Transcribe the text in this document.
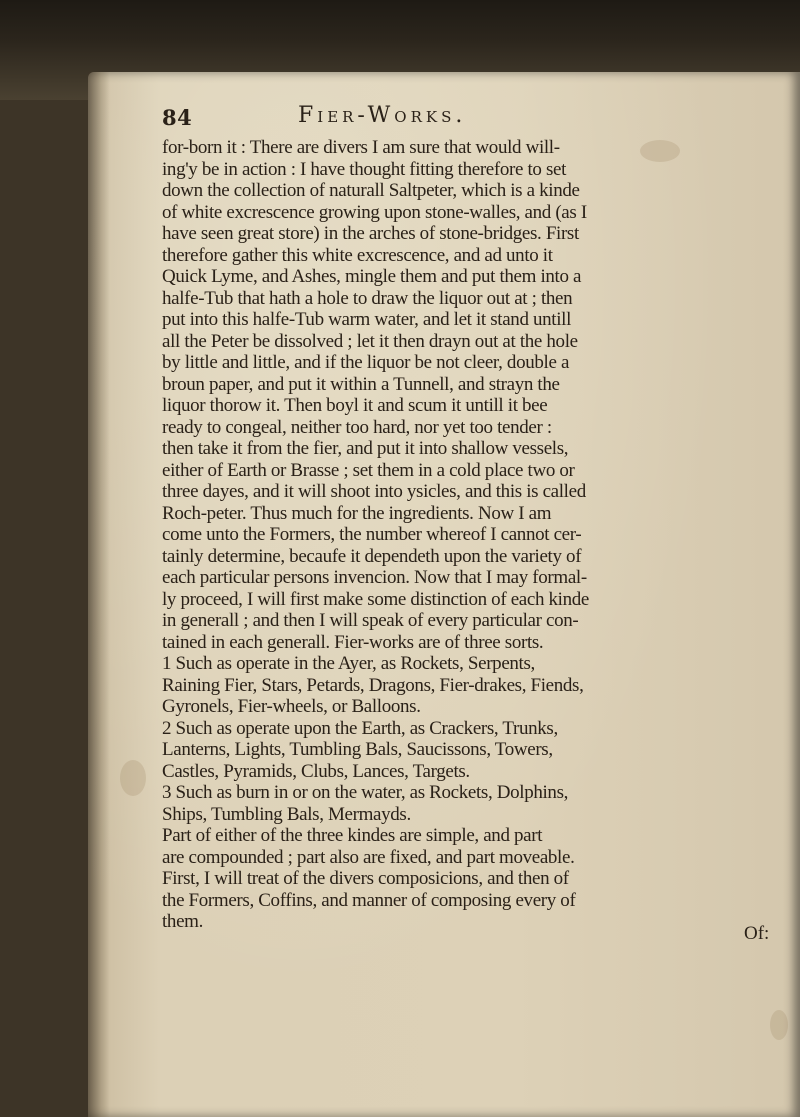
84	Fier-Works.

for-born it : There are divers I am sure that would will-
ing'y be in action : I have thought fitting therefore to set
down the collection of naturall Saltpeter, which is a kinde
of white excrescence growing upon stone-walles, and (as I
have seen great store) in the arches of stone-bridges. First
therefore gather this white excrescence, and ad unto it
Quick Lyme, and Ashes, mingle them and put them into a
halfe-Tub that hath a hole to draw the liquor out at ; then
put into this halfe-Tub warm water, and let it stand untill
all the Peter be dissolved ; let it then drayn out at the hole
by little and little, and if the liquor be not cleer, double a
broun paper, and put it within a Tunnell, and strayn the
liquor thorow it. Then boyl it and scum it untill it bee
ready to congeal, neither too hard, nor yet too tender :
then take it from the fier, and put it into shallow vessels,
either of Earth or Brasse ; set them in a cold place two or
three dayes, and it will shoot into ysicles, and this is called
Roch-peter. Thus much for the ingredients. Now I am
come unto the Formers, the number whereof I cannot cer-
tainly determine, becaufe it dependeth upon the variety of
each particular persons invencion. Now that I may formal-
ly proceed, I will first make some distinction of each kinde
in generall ; and then I will speak of every particular con-
tained in each generall. Fier-works are of three sorts.
1 Such as operate in the Ayer, as Rockets, Serpents,
Raining Fier, Stars, Petards, Dragons, Fier-drakes, Fiends,
Gyronels, Fier-wheels, or Balloons.
2 Such as operate upon the Earth, as Crackers, Trunks,
Lanterns, Lights, Tumbling Bals, Saucissons, Towers,
Castles, Pyramids, Clubs, Lances, Targets.
3 Such as burn in or on the water, as Rockets, Dolphins,
Ships, Tumbling Bals, Mermayds.
Part of either of the three kindes are simple, and part
are compounded ; part also are fixed, and part moveable.
First, I will treat of the divers composicions, and then of
the Formers, Coffins, and manner of composing every of
them.

Of:
